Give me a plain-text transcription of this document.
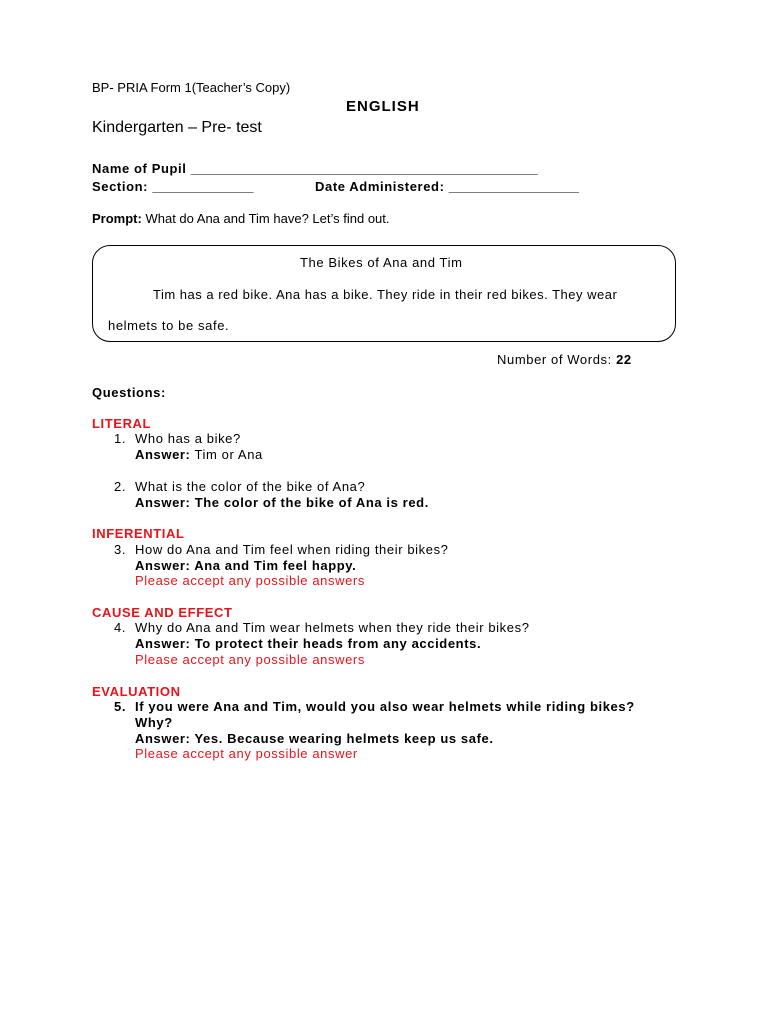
BP- PRIA Form 1(Teacher’s Copy)
ENGLISH
Kindergarten – Pre- test
Name of Pupil ________________________________________________
Section: ______________	Date Administered: __________________
Prompt: What do Ana and Tim have? Let’s find out.
The Bikes of Ana and Tim
Tim has a red bike. Ana has a bike. They ride in their red bikes. They wear
helmets to be safe.
Number of Words: 22
Questions:
LITERAL
1. Who has a bike?
Answer: Tim or Ana
2. What is the color of the bike of Ana?
Answer: The color of the bike of Ana is red.
INFERENTIAL
3. How do Ana and Tim feel when riding their bikes?
Answer: Ana and Tim feel happy.
Please accept any possible answers
CAUSE AND EFFECT
4. Why do Ana and Tim wear helmets when they ride their bikes?
Answer: To protect their heads from any accidents.
Please accept any possible answers
EVALUATION
5. If you were Ana and Tim, would you also wear helmets while riding bikes?
Why?
Answer: Yes. Because wearing helmets keep us safe.
Please accept any possible answer
